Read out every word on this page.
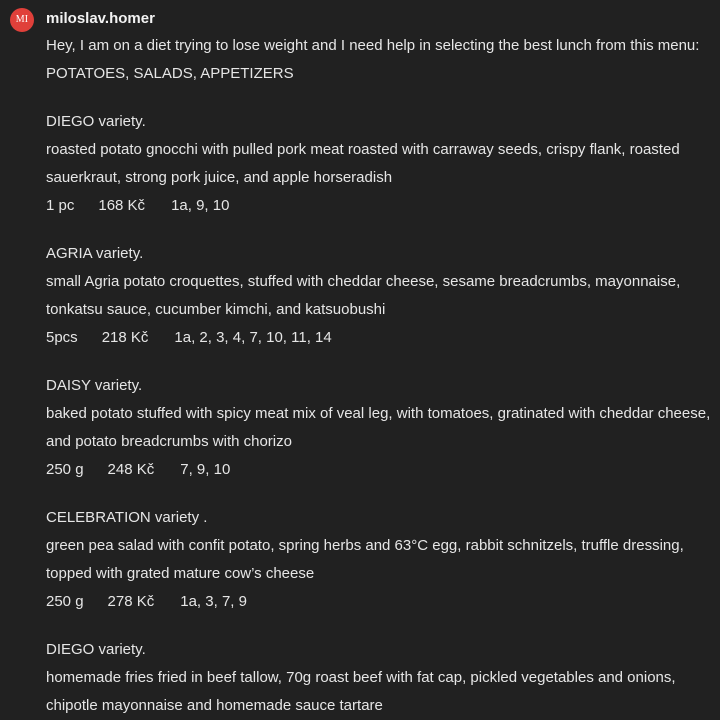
MI	miloslav.homer

Hey, I am on a diet trying to lose weight and I need help in selecting the best lunch from this menu: POTATOES, SALADS, APPETIZERS

DIEGO variety.

roasted potato gnocchi with pulled pork meat roasted with carraway seeds, crispy flank, roasted sauerkraut, strong pork juice, and apple horseradish

1 pc 168 Kč 1a, 9, 10

AGRIA variety.

small Agria potato croquettes, stuffed with cheddar cheese, sesame breadcrumbs, mayonnaise, tonkatsu sauce, cucumber kimchi, and katsuobushi

5pcs 218 Kč 1a, 2, 3, 4, 7, 10, 11, 14

DAISY variety.

baked potato stuffed with spicy meat mix of veal leg, with tomatoes, gratinated with cheddar cheese, and potato breadcrumbs with chorizo

250 g 248 Kč 7, 9, 10

CELEBRATION variety .

green pea salad with confit potato, spring herbs and 63°C egg, rabbit schnitzels, truffle dressing, topped with grated mature cow’s cheese

250 g 278 Kč 1a, 3, 7, 9

DIEGO variety.

homemade fries fried in beef tallow, 70g roast beef with fat cap, pickled vegetables and onions, chipotle mayonnaise and homemade sauce tartare
